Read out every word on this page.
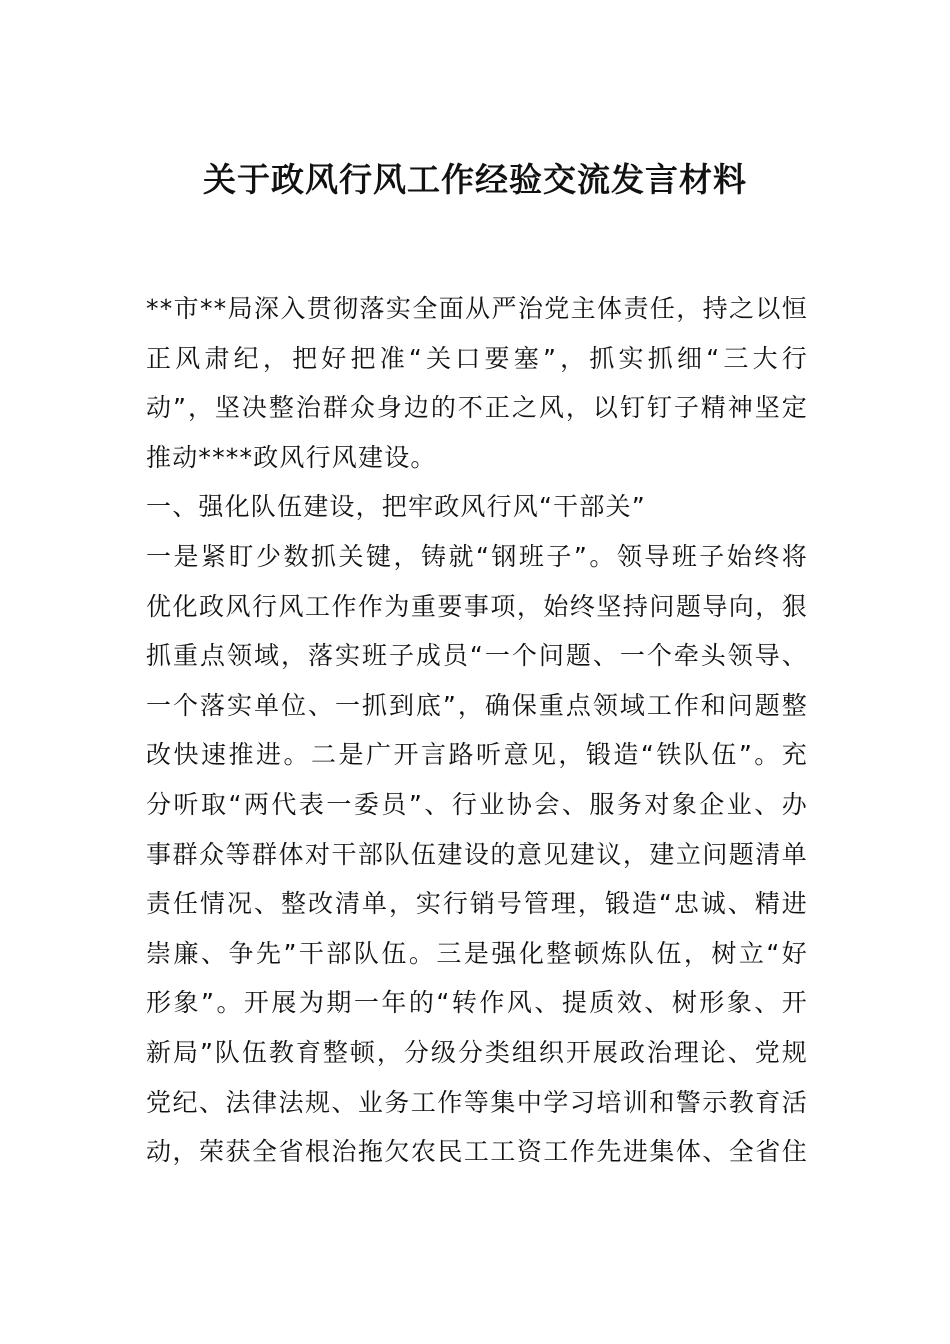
关于政风行风工作经验交流发言材料
**市**局深入贯彻落实全面从严治党主体责任，持之以恒
正风肃纪，把好把准“关口要塞”，抓实抓细“三大行
动”，坚决整治群众身边的不正之风，以钉钉子精神坚定
推动****政风行风建设。
一、强化队伍建设，把牢政风行风“干部关”
一是紧盯少数抓关键，铸就“钢班子”。领导班子始终将
优化政风行风工作作为重要事项，始终坚持问题导向，狠
抓重点领域，落实班子成员“一个问题、一个牵头领导、
一个落实单位、一抓到底”，确保重点领域工作和问题整
改快速推进。二是广开言路听意见，锻造“铁队伍”。充
分听取“两代表一委员”、行业协会、服务对象企业、办
事群众等群体对干部队伍建设的意见建议，建立问题清单
责任情况、整改清单，实行销号管理，锻造“忠诚、精进
崇廉、争先”干部队伍。三是强化整顿炼队伍，树立“好
形象”。开展为期一年的“转作风、提质效、树形象、开
新局”队伍教育整顿，分级分类组织开展政治理论、党规
党纪、法律法规、业务工作等集中学习培训和警示教育活
动，荣获全省根治拖欠农民工工资工作先进集体、全省住
